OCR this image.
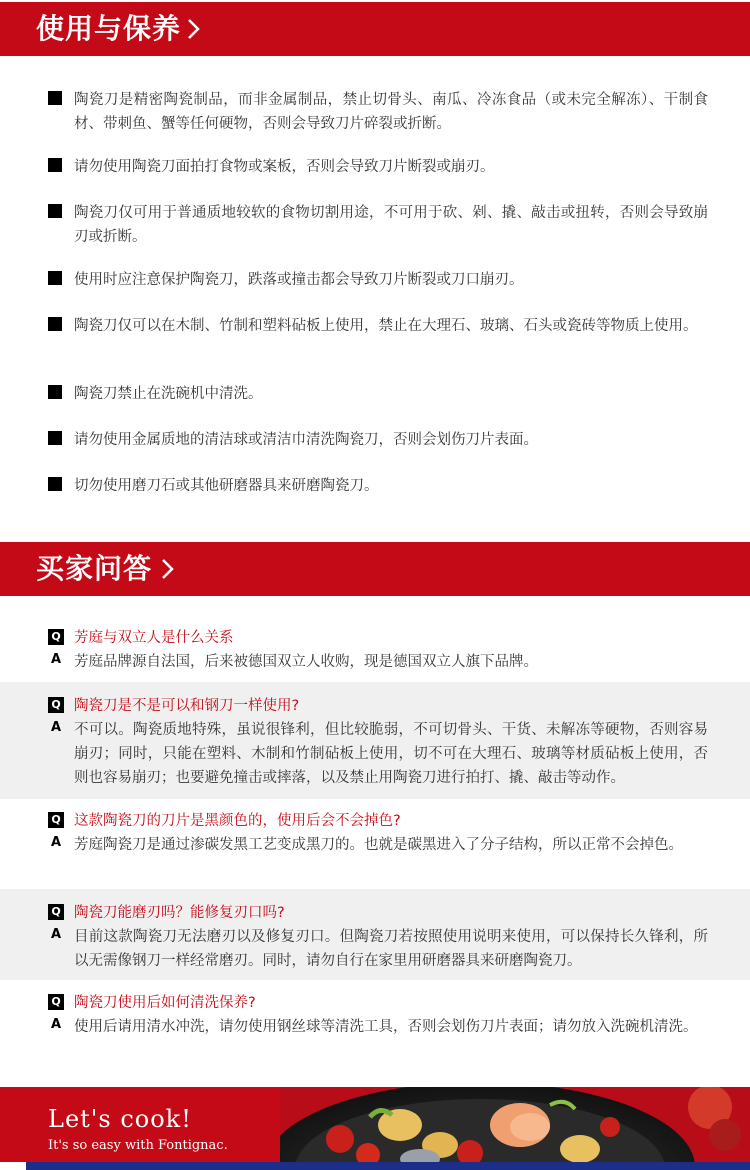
使用与保养
陶瓷刀是精密陶瓷制品，而非金属制品，禁止切骨头、南瓜、冷冻食品（或未完全解冻）、干制食材、带刺鱼、蟹等任何硬物，否则会导致刀片碎裂或折断。
请勿使用陶瓷刀面拍打食物或案板，否则会导致刀片断裂或崩刃。
陶瓷刀仅可用于普通质地较软的食物切割用途，不可用于砍、剁、撬、敲击或扭转，否则会导致崩刃或折断。
使用时应注意保护陶瓷刀，跌落或撞击都会导致刀片断裂或刀口崩刃。
陶瓷刀仅可以在木制、竹制和塑料砧板上使用，禁止在大理石、玻璃、石头或瓷砖等物质上使用。
陶瓷刀禁止在洗碗机中清洗。
请勿使用金属质地的清洁球或清洁巾清洗陶瓷刀，否则会划伤刀片表面。
切勿使用磨刀石或其他研磨器具来研磨陶瓷刀。
买家问答
Q 芳庭与双立人是什么关系
A 芳庭品牌源自法国，后来被德国双立人收购，现是德国双立人旗下品牌。
Q 陶瓷刀是不是可以和钢刀一样使用?
A 不可以。陶瓷质地特殊，虽说很锋利，但比较脆弱，不可切骨头、干货、未解冻等硬物，否则容易崩刃；同时，只能在塑料、木制和竹制砧板上使用，切不可在大理石、玻璃等材质砧板上使用，否则也容易崩刃；也要避免撞击或摔落，以及禁止用陶瓷刀进行拍打、撬、敲击等动作。
Q 这款陶瓷刀的刀片是黑颜色的，使用后会不会掉色?
A 芳庭陶瓷刀是通过渗碳发黑工艺变成黑刀的。也就是碳黑进入了分子结构，所以正常不会掉色。
Q 陶瓷刀能磨刃吗？能修复刃口吗?
A 目前这款陶瓷刀无法磨刃以及修复刃口。但陶瓷刀若按照使用说明来使用，可以保持长久锋利，所以无需像钢刀一样经常磨刃。同时，请勿自行在家里用研磨器具来研磨陶瓷刀。
Q 陶瓷刀使用后如何清洗保养?
A 使用后请用清水冲洗，请勿使用钢丝球等清洗工具，否则会划伤刀片表面；请勿放入洗碗机清洗。
Let's cook!
It's so easy with Fontignac.
